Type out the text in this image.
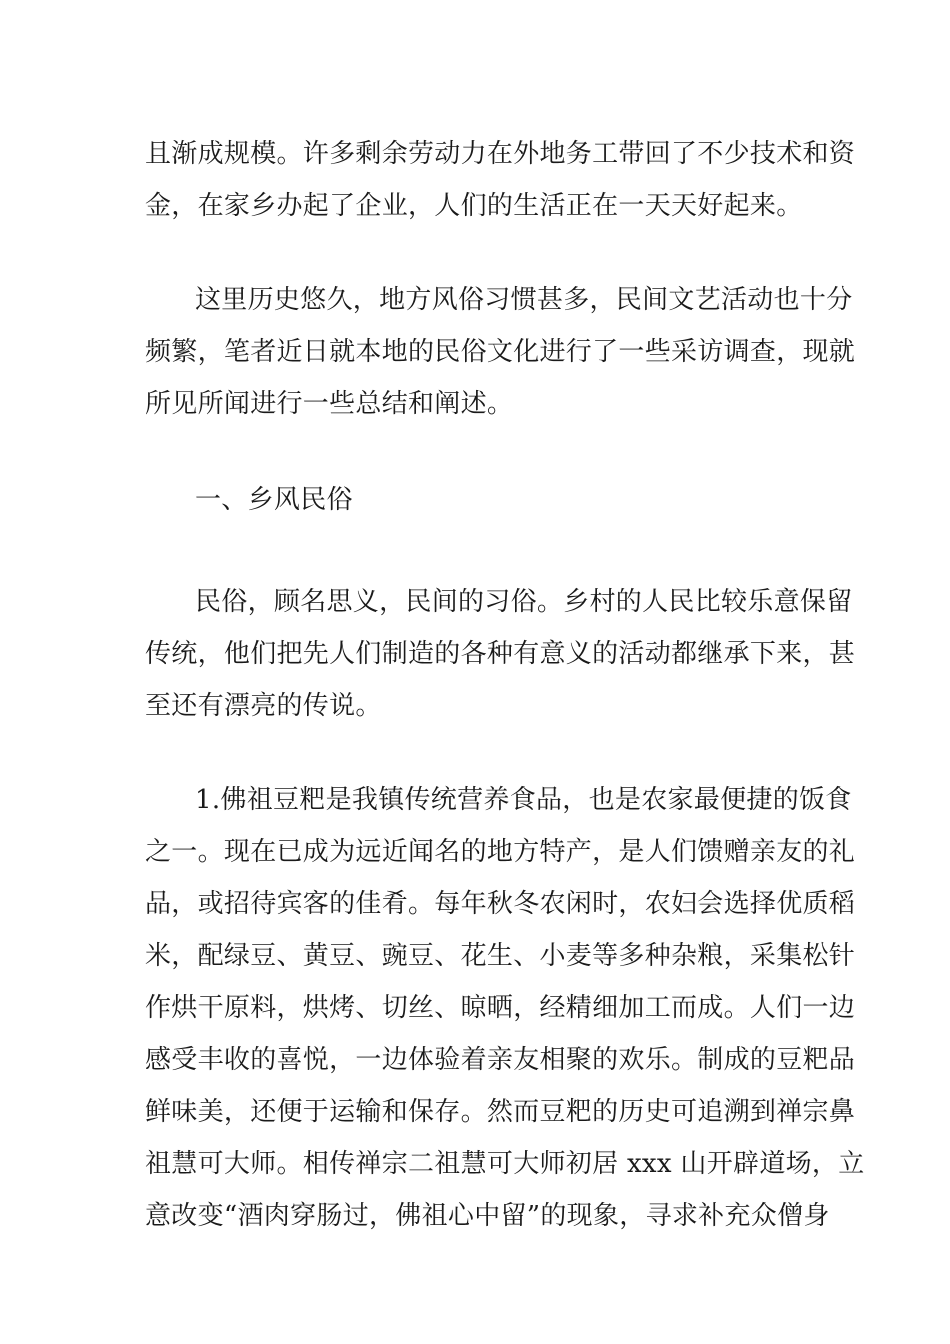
且渐成规模。许多剩余劳动力在外地务工带回了不少技术和资
金，在家乡办起了企业，人们的生活正在一天天好起来。
这里历史悠久，地方风俗习惯甚多，民间文艺活动也十分
频繁，笔者近日就本地的民俗文化进行了一些采访调查，现就
所见所闻进行一些总结和阐述。
一、乡风民俗
民俗，顾名思义，民间的习俗。乡村的人民比较乐意保留
传统，他们把先人们制造的各种有意义的活动都继承下来，甚
至还有漂亮的传说。
1.佛祖豆粑是我镇传统营养食品，也是农家最便捷的饭食
之一。现在已成为远近闻名的地方特产，是人们馈赠亲友的礼
品，或招待宾客的佳肴。每年秋冬农闲时，农妇会选择优质稻
米，配绿豆、黄豆、豌豆、花生、小麦等多种杂粮，采集松针
作烘干原料，烘烤、切丝、晾晒，经精细加工而成。人们一边
感受丰收的喜悦，一边体验着亲友相聚的欢乐。制成的豆粑品
鲜味美，还便于运输和保存。然而豆粑的历史可追溯到禅宗鼻
祖慧可大师。相传禅宗二祖慧可大师初居 xxx 山开辟道场，立
意改变“酒肉穿肠过，佛祖心中留”的现象，寻求补充众僧身
